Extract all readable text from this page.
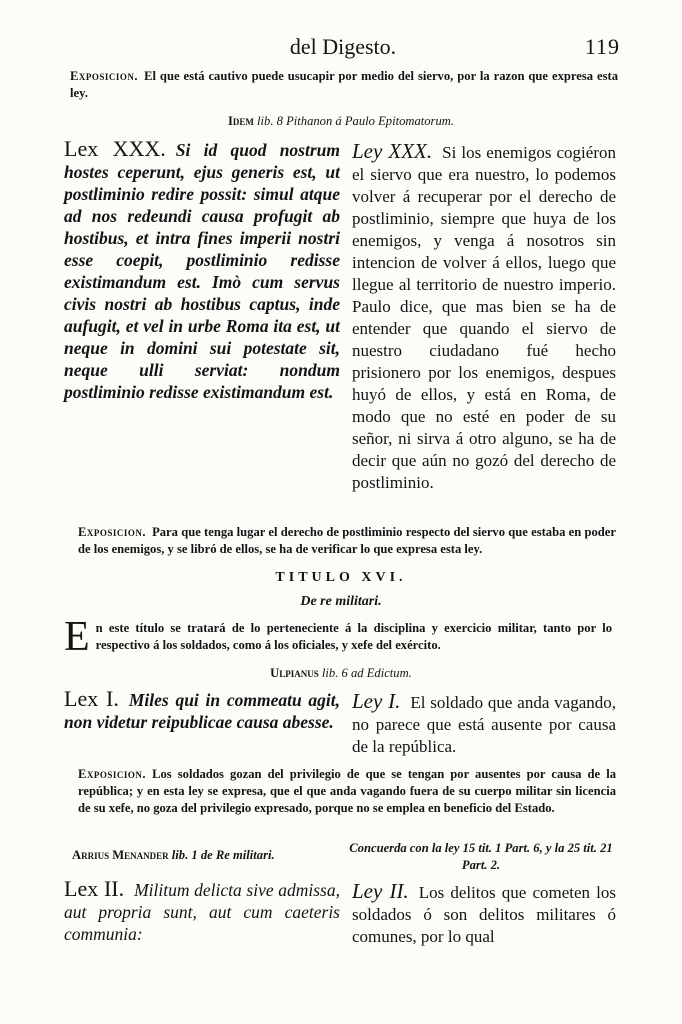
del Digesto.	119
Exposicion. El que está cautivo puede usucapir por medio del siervo, por la razon que expresa esta ley.
Idem lib. 8 Pithanon á Paulo Epitomatorum.
Lex XXX. Si id quod nostrum hostes ceperunt, ejus generis est, ut postliminio redire possit: simul atque ad nos redeundi causa profugit ab hostibus, et intra fines imperii nostri esse coepit, postliminio redisse existimandum est. Imò cum servus civis nostri ab hostibus captus, inde aufugit, et vel in urbe Roma ita est, ut neque in domini sui potestate sit, neque ulli serviat: nondum postliminio redisse existimandum est.
Ley XXX. Si los enemigos cogiéron el siervo que era nuestro, lo podemos volver á recuperar por el derecho de postliminio, siempre que huya de los enemigos, y venga á nosotros sin intencion de volver á ellos, luego que llegue al territorio de nuestro imperio. Paulo dice, que mas bien se ha de entender que quando el siervo de nuestro ciudadano fué hecho prisionero por los enemigos, despues huyó de ellos, y está en Roma, de modo que no esté en poder de su señor, ni sirva á otro alguno, se ha de decir que aún no gozó del derecho de postliminio.
Exposicion. Para que tenga lugar el derecho de postliminio respecto del siervo que estaba en poder de los enemigos, y se libró de ellos, se ha de verificar lo que expresa esta ley.
TITULO XVI.
De re militari.
En este título se tratará de lo perteneciente á la disciplina y exercicio militar, tanto por lo respectivo á los soldados, como á los oficiales, y xefe del exército.
Ulpianus lib. 6 ad Edictum.
Lex I. Miles qui in commeatu agit, non videtur reipublicae causa abesse.
Ley I. El soldado que anda vagando, no parece que está ausente por causa de la república.
Exposicion. Los soldados gozan del privilegio de que se tengan por ausentes por causa de la república; y en esta ley se expresa, que el que anda vagando fuera de su cuerpo militar sin licencia de su xefe, no goza del privilegio expresado, porque no se emplea en beneficio del Estado.
Arrius Menander lib. 1 de Re militari.	Concuerda con la ley 15 tit. 1 Part. 6, y la 25 tit. 21 Part. 2.
Lex II. Militum delicta sive admissa, aut propria sunt, aut cum caeteris communia:
Ley II. Los delitos que cometen los soldados ó son delitos militares ó comunes, por lo qual
